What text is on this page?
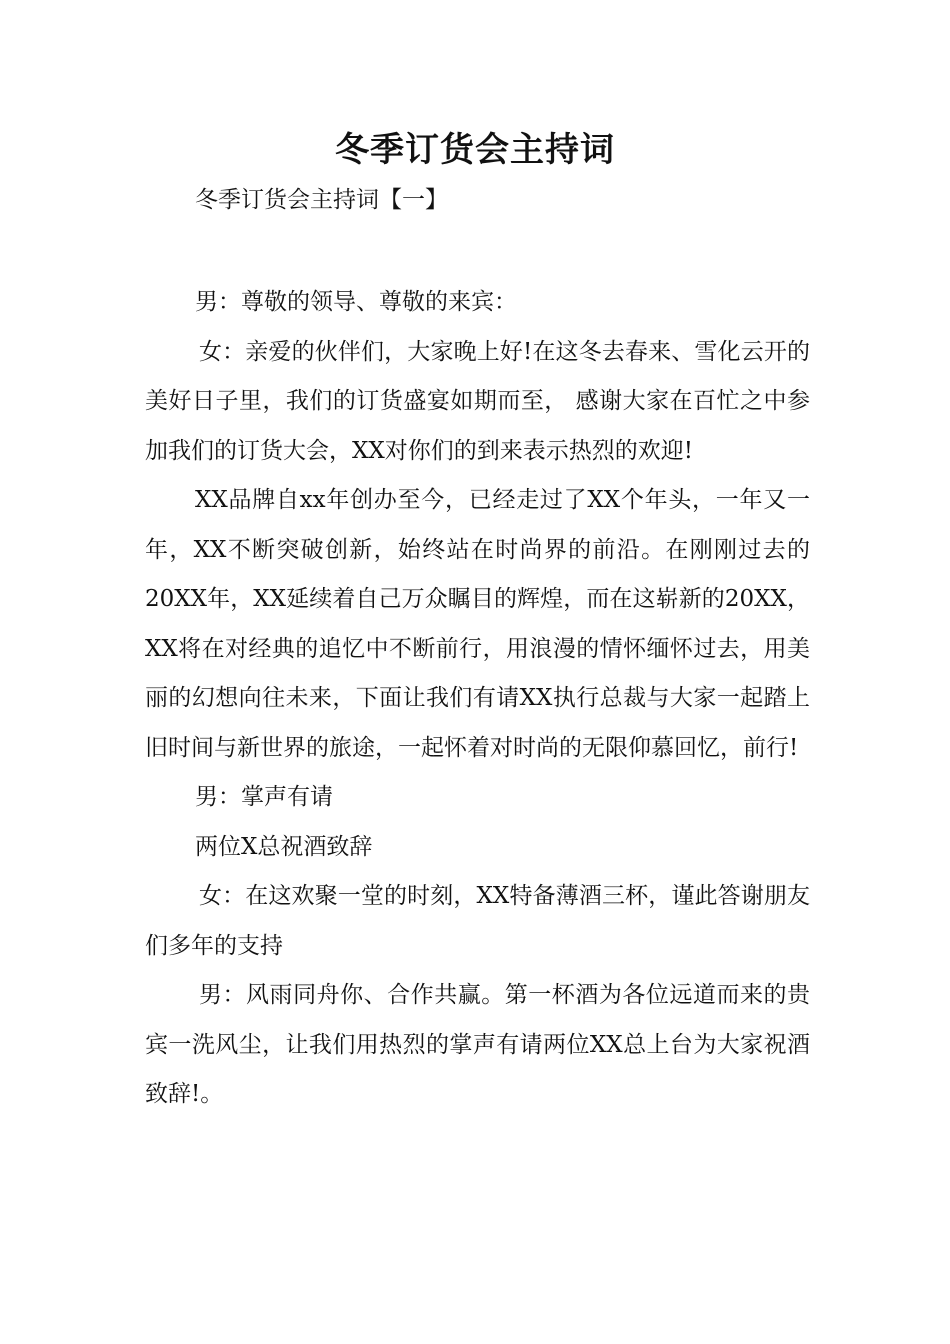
冬季订货会主持词

冬季订货会主持词【一】

男：尊敬的领导、尊敬的来宾：

女：亲爱的伙伴们，大家晚上好!在这冬去春来、雪化云开的美好日子里，我们的订货盛宴如期而至， 感谢大家在百忙之中参加我们的订货大会，XX对你们的到来表示热烈的欢迎!

XX品牌自xx年创办至今，已经走过了XX个年头，一年又一年，XX不断突破创新，始终站在时尚界的前沿。在刚刚过去的20XX年，XX延续着自己万众瞩目的辉煌，而在这崭新的20XX，XX将在对经典的追忆中不断前行，用浪漫的情怀缅怀过去，用美丽的幻想向往未来，下面让我们有请XX执行总裁与大家一起踏上旧时间与新世界的旅途，一起怀着对时尚的无限仰慕回忆，前行!

男：掌声有请

两位X总祝酒致辞

女：在这欢聚一堂的时刻，XX特备薄酒三杯，谨此答谢朋友们多年的支持

男：风雨同舟你、合作共赢。第一杯酒为各位远道而来的贵宾一洗风尘，让我们用热烈的掌声有请两位XX总上台为大家祝酒致辞!。
